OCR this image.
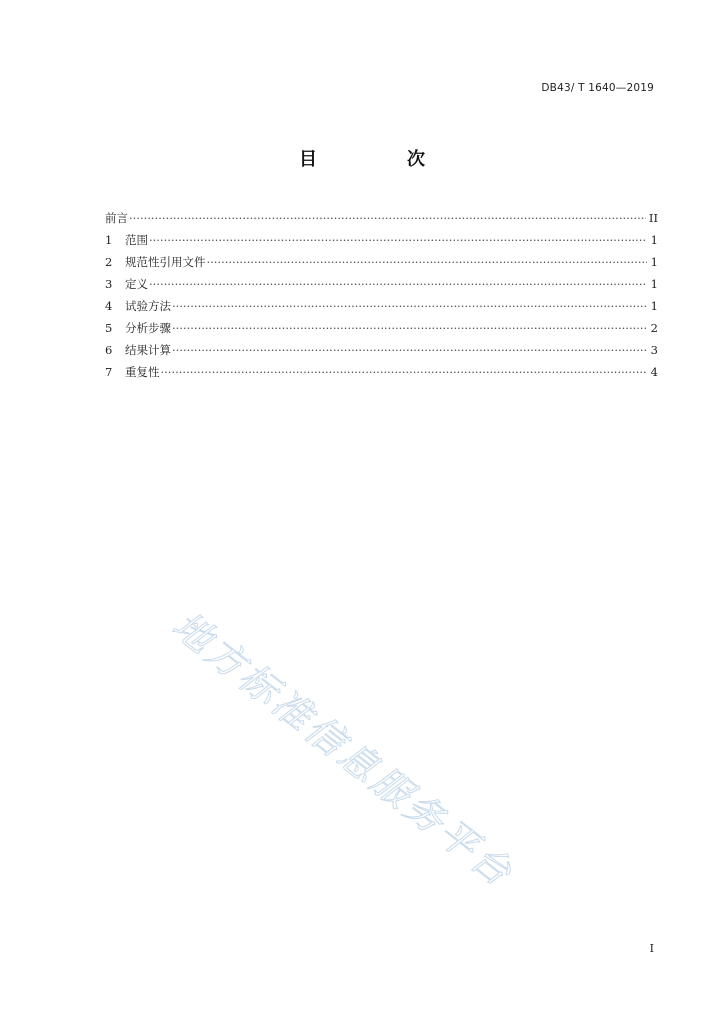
DB43/ T 1640—2019
目　次
前言 ·····	II
1	范围 ·····	1
2	规范性引用文件 ·····	1
3	定义 ·····	1
4	试验方法 ·····	1
5	分析步骤 ·····	2
6	结果计算 ·····	3
7	重复性 ·····	4
地方标准信息服务平台
I
